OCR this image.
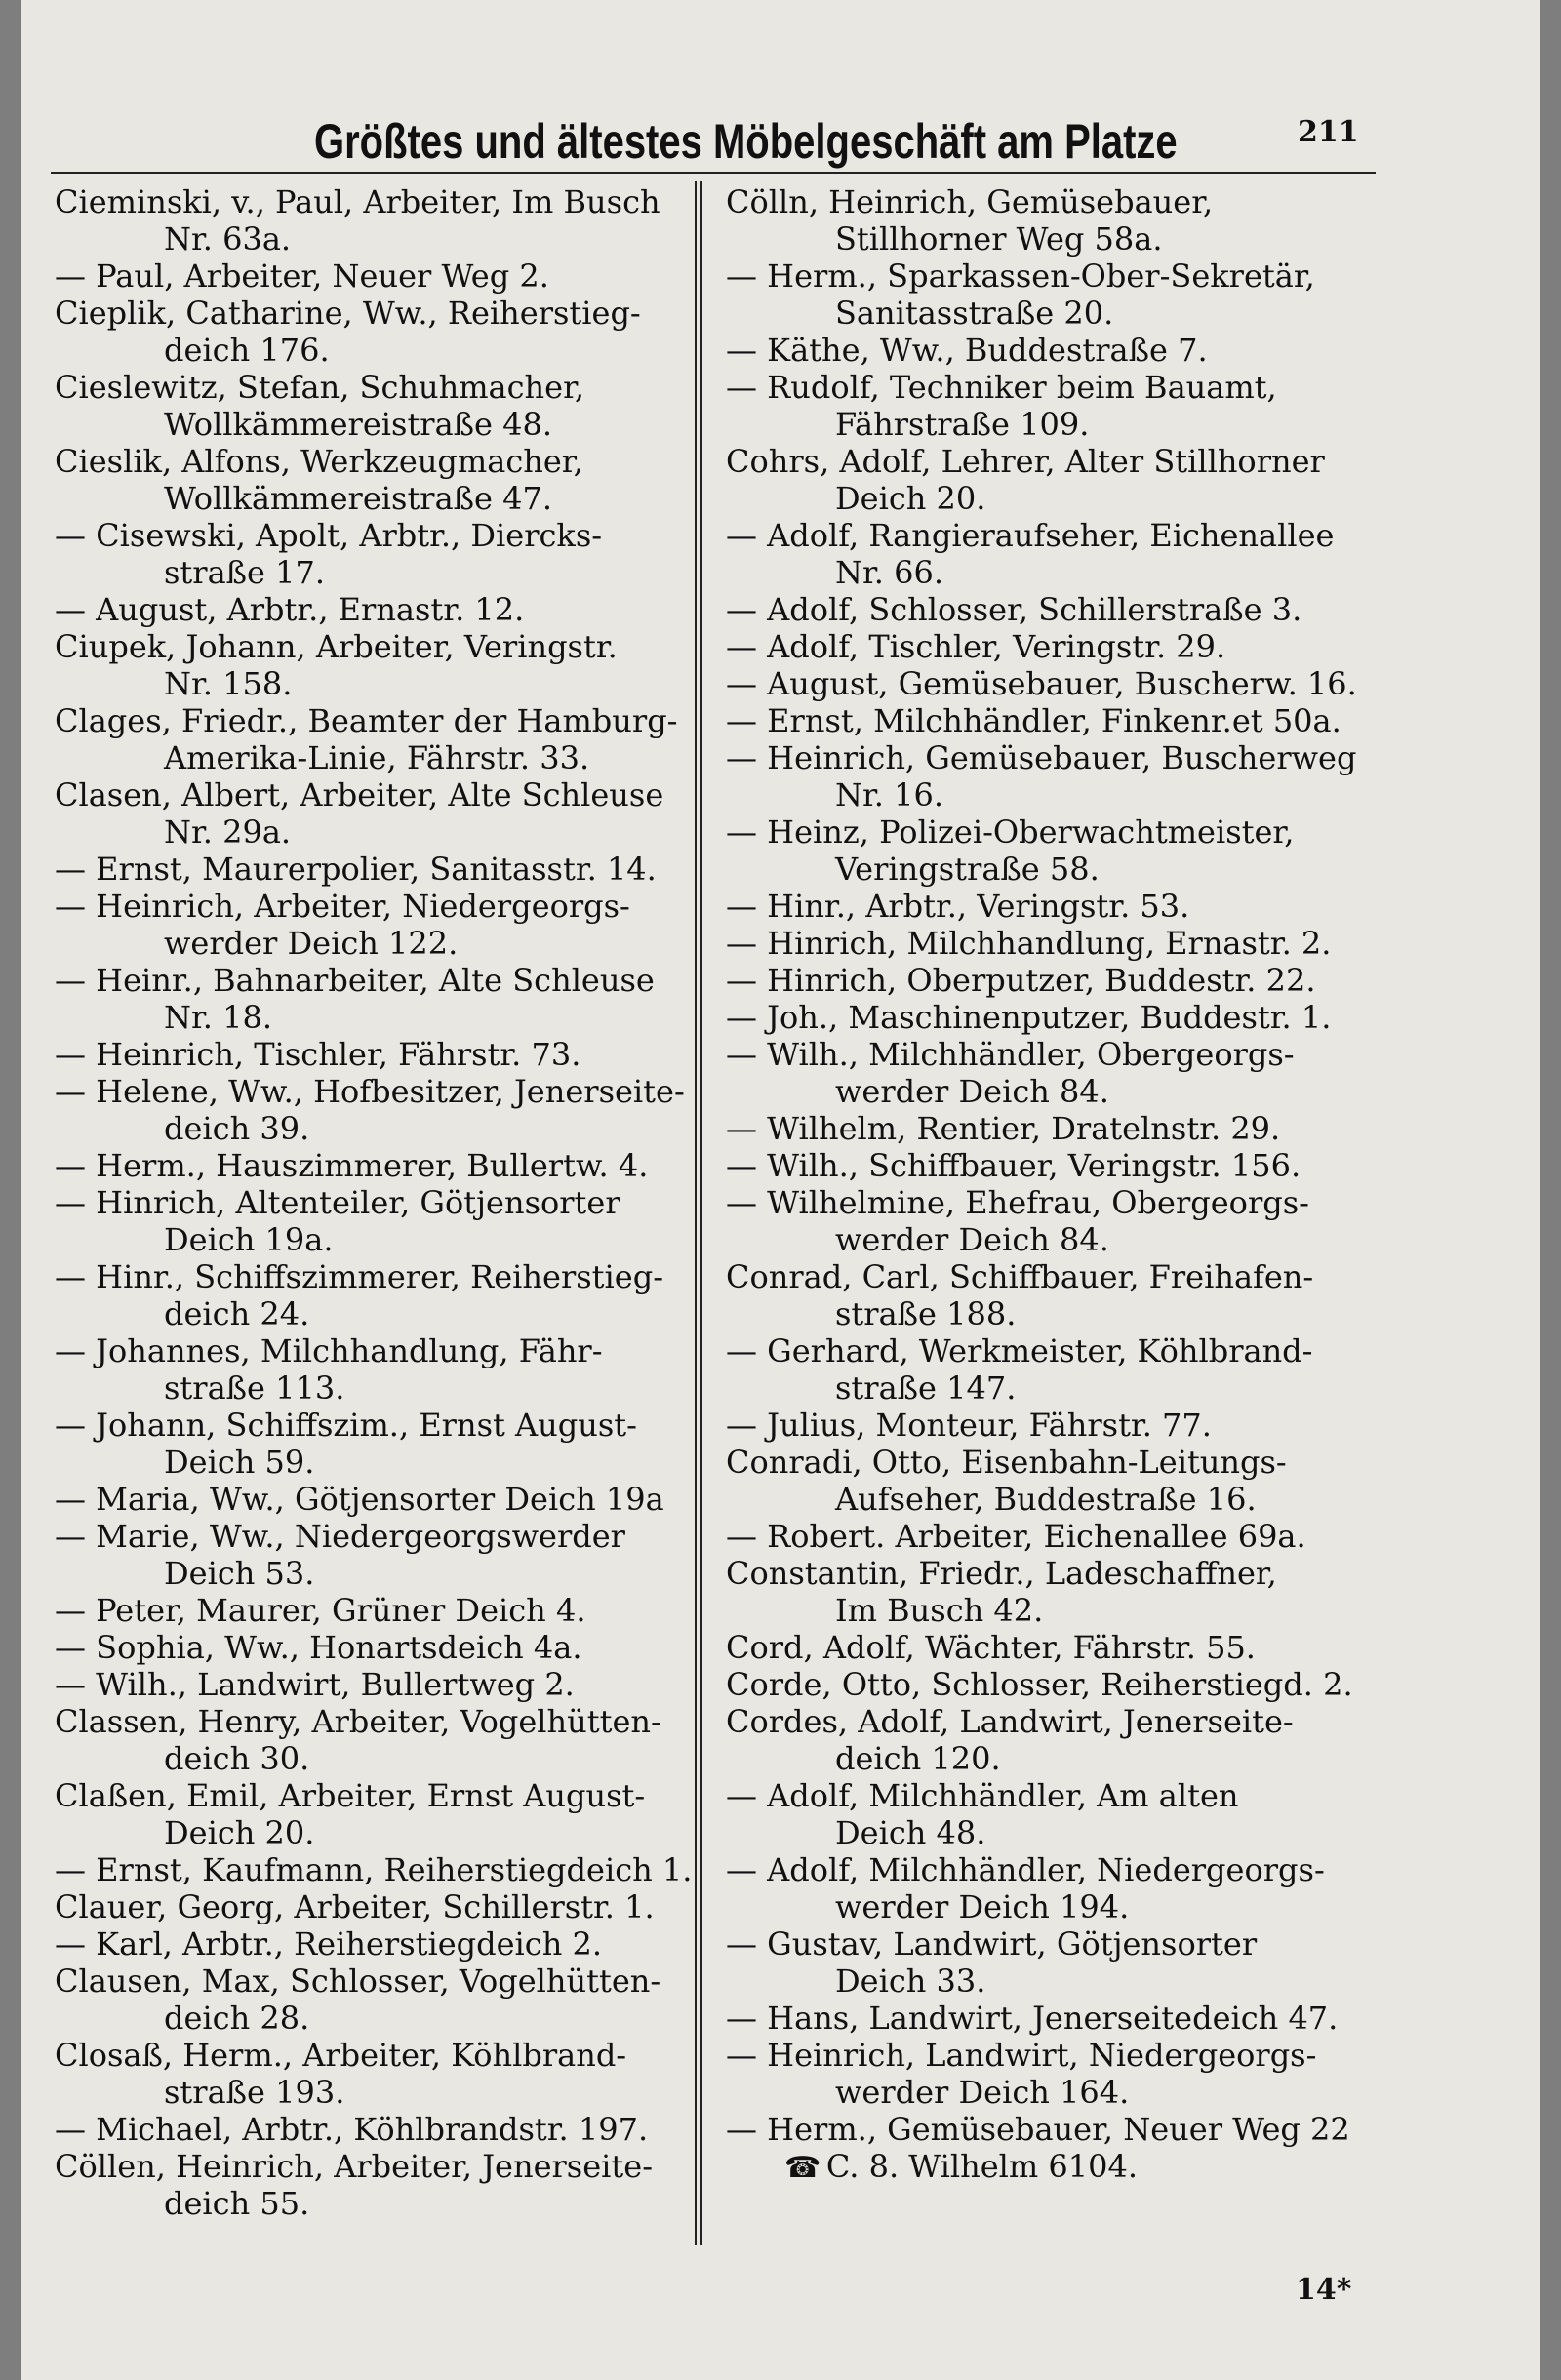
Größtes und ältestes Möbelgeschäft am Platze	211
Cieminski, v., Paul, Arbeiter, Im Busch
Nr. 63a.
— Paul, Arbeiter, Neuer Weg 2.
Cieplik, Catharine, Ww., Reiherstieg-
deich 176.
Cieslewitz, Stefan, Schuhmacher,
Wollkämmereistraße 48.
Cieslik, Alfons, Werkzeugmacher,
Wollkämmereistraße 47.
— Cisewski, Apolt, Arbtr., Diercks-
straße 17.
— August, Arbtr., Ernastr. 12.
Ciupek, Johann, Arbeiter, Veringstr.
Nr. 158.
Clages, Friedr., Beamter der Hamburg-
Amerika-Linie, Fährstr. 33.
Clasen, Albert, Arbeiter, Alte Schleuse
Nr. 29a.
— Ernst, Maurerpolier, Sanitasstr. 14.
— Heinrich, Arbeiter, Niedergeorgs-
werder Deich 122.
— Heinr., Bahnarbeiter, Alte Schleuse
Nr. 18.
— Heinrich, Tischler, Fährstr. 73.
— Helene, Ww., Hofbesitzer, Jenerseite-
deich 39.
— Herm., Hauszimmerer, Bullertw. 4.
— Hinrich, Altenteiler, Götjensorter
Deich 19a.
— Hinr., Schiffszimmerer, Reiherstieg-
deich 24.
— Johannes, Milchhandlung, Fähr-
straße 113.
— Johann, Schiffszim., Ernst August-
Deich 59.
— Maria, Ww., Götjensorter Deich 19a
— Marie, Ww., Niedergeorgswerder
Deich 53.
— Peter, Maurer, Grüner Deich 4.
— Sophia, Ww., Honartsdeich 4a.
— Wilh., Landwirt, Bullertweg 2.
Classen, Henry, Arbeiter, Vogelhütten-
deich 30.
Claßen, Emil, Arbeiter, Ernst August-
Deich 20.
— Ernst, Kaufmann, Reiherstiegdeich 1.
Clauer, Georg, Arbeiter, Schillerstr. 1.
— Karl, Arbtr., Reiherstiegdeich 2.
Clausen, Max, Schlosser, Vogelhütten-
deich 28.
Closaß, Herm., Arbeiter, Köhlbrand-
straße 193.
— Michael, Arbtr., Köhlbrandstr. 197.
Cöllen, Heinrich, Arbeiter, Jenerseite-
deich 55.
Cölln, Heinrich, Gemüsebauer,
Stillhorner Weg 58a.
— Herm., Sparkassen-Ober-Sekretär,
Sanitasstraße 20.
— Käthe, Ww., Buddestraße 7.
— Rudolf, Techniker beim Bauamt,
Fährstraße 109.
Cohrs, Adolf, Lehrer, Alter Stillhorner
Deich 20.
— Adolf, Rangieraufseher, Eichenallee
Nr. 66.
— Adolf, Schlosser, Schillerstraße 3.
— Adolf, Tischler, Veringstr. 29.
— August, Gemüsebauer, Buscherw. 16.
— Ernst, Milchhändler, Finkenr.et 50a.
— Heinrich, Gemüsebauer, Buscherweg
Nr. 16.
— Heinz, Polizei-Oberwachtmeister,
Veringstraße 58.
— Hinr., Arbtr., Veringstr. 53.
— Hinrich, Milchhandlung, Ernastr. 2.
— Hinrich, Oberputzer, Buddestr. 22.
— Joh., Maschinenputzer, Buddestr. 1.
— Wilh., Milchhändler, Obergeorgs-
werder Deich 84.
— Wilhelm, Rentier, Dratelnstr. 29.
— Wilh., Schiffbauer, Veringstr. 156.
— Wilhelmine, Ehefrau, Obergeorgs-
werder Deich 84.
Conrad, Carl, Schiffbauer, Freihafen-
straße 188.
— Gerhard, Werkmeister, Köhlbrand-
straße 147.
— Julius, Monteur, Fährstr. 77.
Conradi, Otto, Eisenbahn-Leitungs-
Aufseher, Buddestraße 16.
— Robert. Arbeiter, Eichenallee 69a.
Constantin, Friedr., Ladeschaffner,
Im Busch 42.
Cord, Adolf, Wächter, Fährstr. 55.
Corde, Otto, Schlosser, Reiherstiegd. 2.
Cordes, Adolf, Landwirt, Jenerseite-
deich 120.
— Adolf, Milchhändler, Am alten
Deich 48.
— Adolf, Milchhändler, Niedergeorgs-
werder Deich 194.
— Gustav, Landwirt, Götjensorter
Deich 33.
— Hans, Landwirt, Jenerseitedeich 47.
— Heinrich, Landwirt, Niedergeorgs-
werder Deich 164.
— Herm., Gemüsebauer, Neuer Weg 22
☎ C. 8. Wilhelm 6104.
14*
